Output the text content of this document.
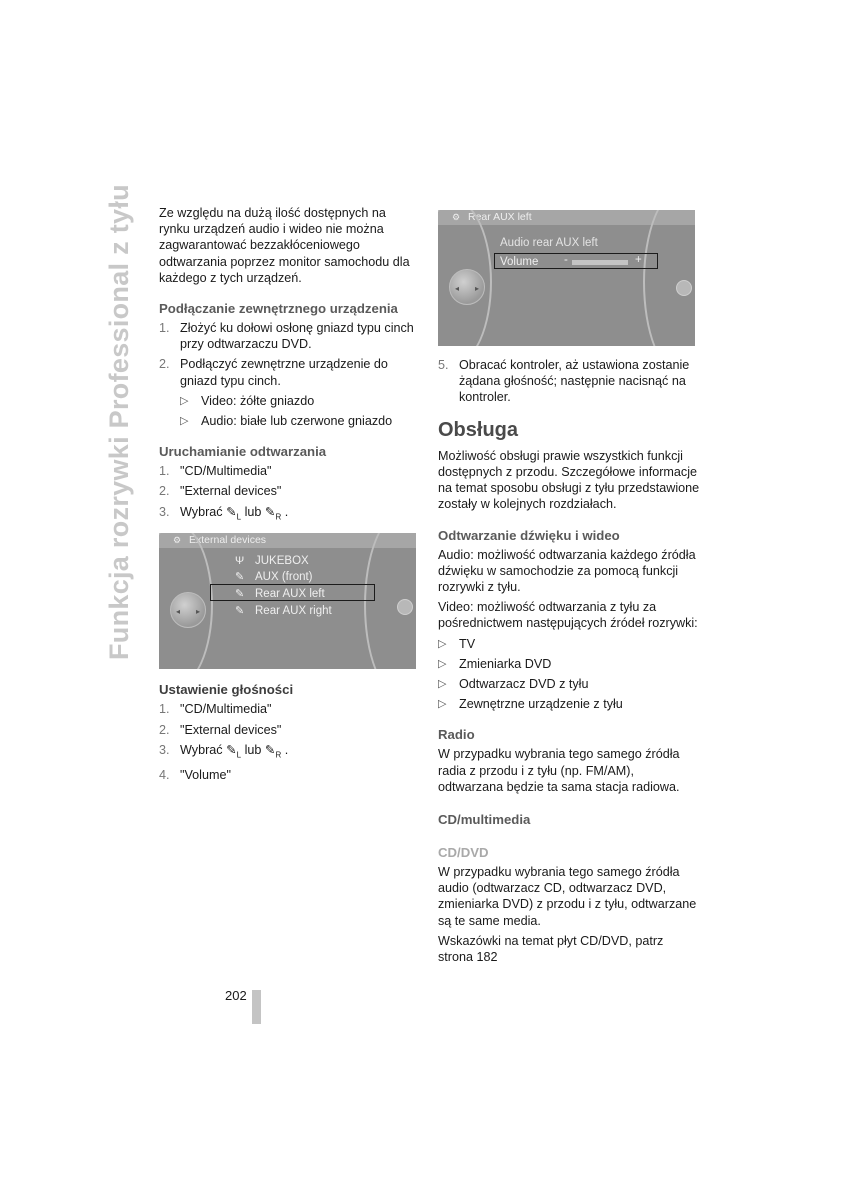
Funkcja rozrywki Professional z tyłu	Ze względu na dużą ilość dostępnych na rynku urządzeń audio i wideo nie można zagwarantować bezzakłóceniowego odtwarzania poprzez monitor samochodu dla każdego z tych urządzeń.

Podłączanie zewnętrznego urządzenia
1. Złożyć ku dołowi osłonę gniazd typu cinch przy odtwarzaczu DVD.
2. Podłączyć zewnętrzne urządzenie do gniazd typu cinch.
▷ Video: żółte gniazdo
▷ Audio: białe lub czerwone gniazdo
Uruchamianie odtwarzania
1. "CD/Multimedia"
2. "External devices"
3. Wybrać $✎_L$ lub $✎_R$ .
⚙ External devices
◂ ▸
Ψ JUKEBOX
✎ AUX (front)
✎ Rear AUX left
✎ Rear AUX right
Ustawienie głośności
1. "CD/Multimedia"
2. "External devices"
3. Wybrać $✎_L$ lub $✎_R$ .
4. "Volume"
⚙ Rear AUX left
◂ ▸
Audio rear AUX left
Volume -	+
5. Obracać kontroler, aż ustawiona zostanie żądana głośność; następnie nacisnąć na kontroler.
Obsługa

Możliwość obsługi prawie wszystkich funkcji dostępnych z przodu. Szczegółowe informacje na temat sposobu obsługi z tyłu przedstawione zostały w kolejnych rozdziałach.

Odtwarzanie dźwięku i wideo

Audio: możliwość odtwarzania każdego źródła dźwięku w samochodzie za pomocą funkcji rozrywki z tyłu.

Video: możliwość odtwarzania z tyłu za pośrednictwem następujących źródeł rozrywki:

▷ TV
▷ Zmieniarka DVD
▷ Odtwarzacz DVD z tyłu
▷ Zewnętrzne urządzenie z tyłu
Radio

W przypadku wybrania tego samego źródła radia z przodu i z tyłu (np. FM/AM), odtwarzana będzie ta sama stacja radiowa.

CD/multimedia
CD/DVD

W przypadku wybrania tego samego źródła audio (odtwarzacz CD, odtwarzacz DVD, zmieniarka DVD) z przodu i z tyłu, odtwarzane są te same media.

Wskazówki na temat płyt CD/DVD, patrz strona 182

202
